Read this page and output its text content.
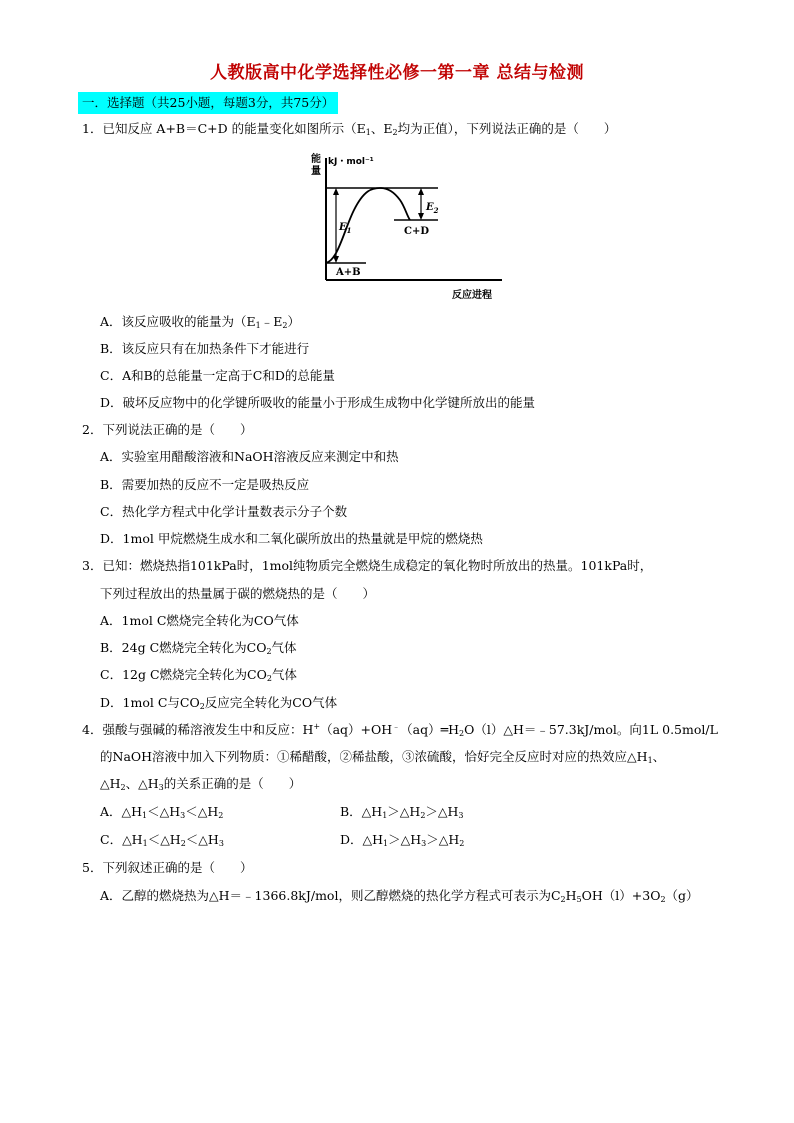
人教版高中化学选择性必修一第一章 总结与检测
一．选择题（共25小题，每题3分，共75分）
1．已知反应 A+B＝C+D 的能量变化如图所示（$E_1$、$E_2$均为正值），下列说法正确的是（　　）
能
量
kJ・mol⁻¹
$E_1$
$E_2$
C+D
A+B
反应进程
A．该反应吸收的能量为$(E_1﹣E_2)$
B．该反应只有在加热条件下才能进行
C．A和B的总能量一定高于C和D的总能量
D．破坏反应物中的化学键所吸收的能量小于形成生成物中化学键所放出的能量
2．下列说法正确的是（　　）
A．实验室用醋酸溶液和NaOH溶液反应来测定中和热
B．需要加热的反应不一定是吸热反应
C．热化学方程式中化学计量数表示分子个数
D．1mol 甲烷燃烧生成水和二氧化碳所放出的热量就是甲烷的燃烧热
3．已知：燃烧热指101kPa时，1mol纯物质完全燃烧生成稳定的氧化物时所放出的热量。101kPa时，
下列过程放出的热量属于碳的燃烧热的是（　　）
A．1mol C燃烧完全转化为CO气体
B．24g C燃烧完全转化为$CO_2$气体
C．12g C燃烧完全转化为$CO_2$气体
D．1mol C与$CO_2$反应完全转化为CO气体
4．强酸与强碱的稀溶液发生中和反应：$H^+(aq)+OH^﹣(aq)═H_2O(l)\triangle H=﹣57.3kJ$/mol。向1L 0.5mol/L
的NaOH溶液中加入下列物质：①稀醋酸，②稀盐酸，③浓硫酸，恰好完全反应时对应的热效应$\triangle H_1$、
$\triangle H_2$、$\triangle H_3$的关系正确的是（　　）
A．$\triangle H_1<\triangle H_3<\triangle H_2$	B．$\triangle H_1>\triangle H_2>\triangle H_3$
C．$\triangle H_1<\triangle H_2<\triangle H_3$	D．$\triangle H_1>\triangle H_3>\triangle H_2$
5．下列叙述正确的是（　　）
A．乙醇的燃烧热为△H＝﹣1366.8kJ/mol，则乙醇燃烧的热化学方程式可表示为$C_2H_5OH(l)+3O_2(g)$
